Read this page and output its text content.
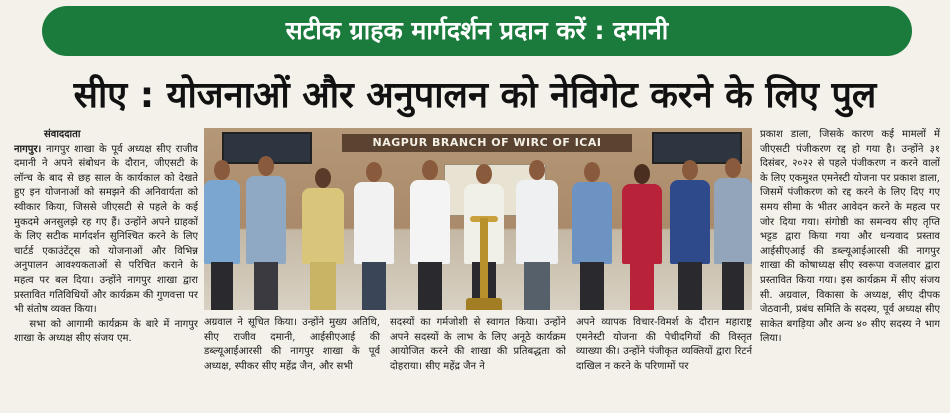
सटीक ग्राहक मार्गदर्शन प्रदान करें : दमानी
सीए : योजनाओं और अनुपालन को नेविगेट करने के लिए पुल
संवाददाता

नागपुर। नागपुर शाखा के पूर्व अध्यक्ष सीए राजीव दमानी ने अपने संबोधन के दौरान, जीएसटी के लॉन्च के बाद से छह साल के कार्यकाल को देखते हुए इन योजनाओं को समझने की अनिवार्यता को स्वीकार किया, जिससे जीएसटी से पहले के कई मुकदमे अनसुलझे रह गए हैं। उन्होंने अपने ग्राहकों के लिए सटीक मार्गदर्शन सुनिश्चित करने के लिए चार्टर्ड एकाउंटेंट्स को योजनाओं और विभिन्न अनुपालन आवश्यकताओं से परिचित कराने के महत्व पर बल दिया। उन्होंने नागपुर शाखा द्वारा प्रस्तावित गतिविधियों और कार्यक्रम की गुणवत्ता पर भी संतोष व्यक्त किया।

सभा को आगामी कार्यक्रम के बारे में नागपुर शाखा के अध्यक्ष सीए संजय एम.

NAGPUR BRANCH OF WIRC OF ICAI
अग्रवाल ने सूचित किया। उन्होंने मुख्य अतिथि, सीए राजीव दमानी, आईसीएआई की डब्ल्यूआईआरसी की नागपुर शाखा के पूर्व अध्यक्ष, स्पीकर सीए महेंद्र जैन, और सभी
सदस्यों का गर्मजोशी से स्वागत किया। उन्होंने अपने सदस्यों के लाभ के लिए अनूठे कार्यक्रम आयोजित करने की शाखा की प्रतिबद्धता को दोहराया। सीए महेंद्र जैन ने
अपने व्यापक विचार-विमर्श के दौरान महाराष्ट्र एमनेस्टी योजना की पेचीदगियों की विस्तृत व्याख्या की। उन्होंने पंजीकृत व्यक्तियों द्वारा रिटर्न दाखिल न करने के परिणामों पर
प्रकाश डाला, जिसके कारण कई मामलों में जीएसटी पंजीकरण रद्द हो गया है। उन्होंने ३१ दिसंबर, २०२२ से पहले पंजीकरण न करने वालों के लिए एकमुश्त एमनेस्टी योजना पर प्रकाश डाला, जिसमें पंजीकरण को रद्द करने के लिए दिए गए समय सीमा के भीतर आवेदन करने के महत्व पर जोर दिया गया। संगोष्ठी का समन्वय सीए तृप्ति भट्टड द्वारा किया गया और धन्यवाद प्रस्ताव आईसीएआई की डब्ल्यूआईआरसी की नागपुर शाखा की कोषाध्यक्ष सीए स्वरूपा वजलवार द्वारा प्रस्तावित किया गया। इस कार्यक्रम में सीए संजय सी. अग्रवाल, विकासा के अध्यक्ष, सीए दीपक जेठवानी, प्रबंध समिति के सदस्य, पूर्व अध्यक्ष सीए साकेत बगड़िया और अन्य ४० सीए सदस्य ने भाग लिया।
